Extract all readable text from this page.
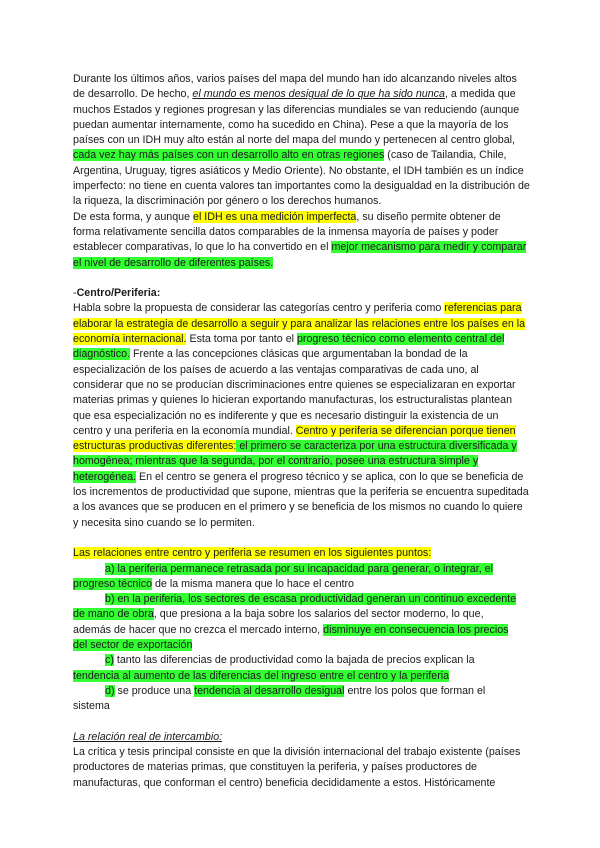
Durante los últimos años, varios países del mapa del mundo han ido alcanzando niveles altos de desarrollo. De hecho, el mundo es menos desigual de lo que ha sido nunca, a medida que muchos Estados y regiones progresan y las diferencias mundiales se van reduciendo (aunque puedan aumentar internamente, como ha sucedido en China). Pese a que la mayoría de los países con un IDH muy alto están al norte del mapa del mundo y pertenecen al centro global, cada vez hay más países con un desarrollo alto en otras regiones (caso de Tailandia, Chile, Argentina, Uruguay, tigres asiáticos y Medio Oriente). No obstante, el IDH también es un índice imperfecto: no tiene en cuenta valores tan importantes como la desigualdad en la distribución de la riqueza, la discriminación por género o los derechos humanos.

De esta forma, y aunque el IDH es una medición imperfecta, su diseño permite obtener de forma relativamente sencilla datos comparables de la inmensa mayoría de países y poder establecer comparativas, lo que lo ha convertido en el mejor mecanismo para medir y comparar el nivel de desarrollo de diferentes países.

-Centro/Periferia:

Habla sobre la propuesta de considerar las categorías centro y periferia como referencias para elaborar la estrategia de desarrollo a seguir y para analizar las relaciones entre los países en la economía internacional. Esta toma por tanto el progreso técnico como elemento central del diagnóstico. Frente a las concepciones clásicas que argumentaban la bondad de la especialización de los países de acuerdo a las ventajas comparativas de cada uno, al considerar que no se producían discriminaciones entre quienes se especializaran en exportar materias primas y quienes lo hicieran exportando manufacturas, los estructuralistas plantean que esa especialización no es indiferente y que es necesario distinguir la existencia de un centro y una periferia en la economía mundial. Centro y periferia se diferencian porque tienen estructuras productivas diferentes: el primero se caracteriza por una estructura diversificada y homogénea; mientras que la segunda, por el contrario, posee una estructura simple y heterogénea. En el centro se genera el progreso técnico y se aplica, con lo que se beneficia de los incrementos de productividad que supone, mientras que la periferia se encuentra supeditada a los avances que se producen en el primero y se beneficia de los mismos no cuando lo quiere y necesita sino cuando se lo permiten.

Las relaciones entre centro y periferia se resumen en los siguientes puntos:

a) la periferia permanece retrasada por su incapacidad para generar, o integrar, el

progreso técnico de la misma manera que lo hace el centro

b) en la periferia, los sectores de escasa productividad generan un continuo excedente

de mano de obra, que presiona a la baja sobre los salarios del sector moderno, lo que,

además de hacer que no crezca el mercado interno, disminuye en consecuencia los precios

del sector de exportación

c) tanto las diferencias de productividad como la bajada de precios explican la

tendencia al aumento de las diferencias del ingreso entre el centro y la periferia

d) se produce una tendencia al desarrollo desigual entre los polos que forman el

sistema

La relación real de intercambio:

La crítica y tesis principal consiste en que la división internacional del trabajo existente (países productores de materias primas, que constituyen la periferia, y países productores de manufacturas, que conforman el centro) beneficia decididamente a estos. Históricamente
